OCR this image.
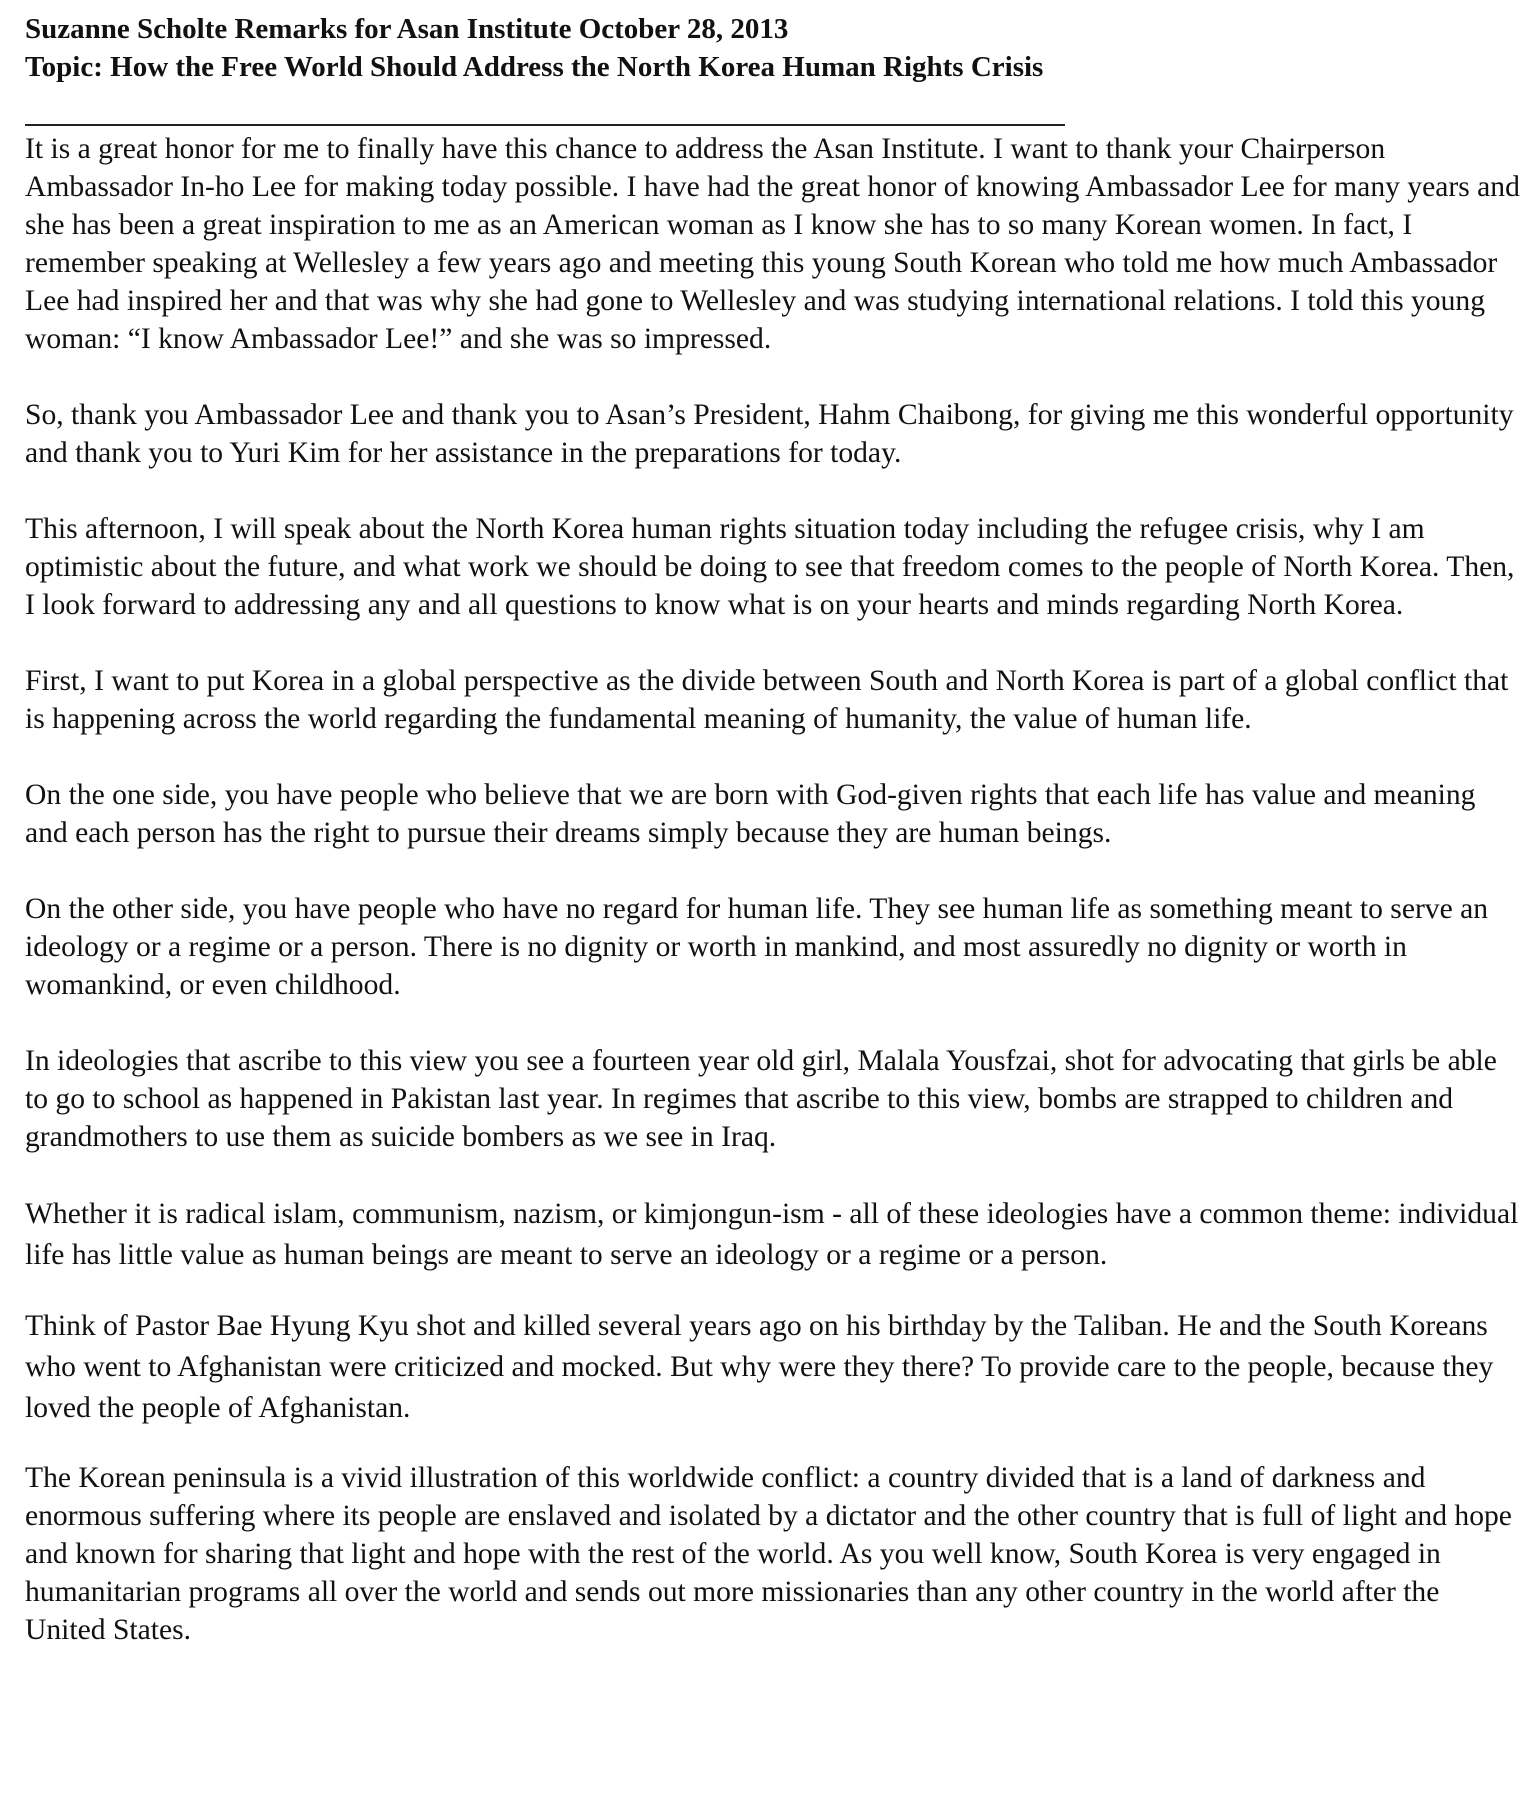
Suzanne Scholte Remarks for Asan Institute October 28, 2013
Topic: How the Free World Should Address the North Korea Human Rights Crisis

It is a great honor for me to finally have this chance to address the Asan Institute. I want to thank your Chairperson Ambassador In-ho Lee for making today possible. I have had the great honor of knowing Ambassador Lee for many years and she has been a great inspiration to me as an American woman as I know she has to so many Korean women. In fact, I remember speaking at Wellesley a few years ago and meeting this young South Korean who told me how much Ambassador Lee had inspired her and that was why she had gone to Wellesley and was studying international relations. I told this young woman: “I know Ambassador Lee!” and she was so impressed.

So, thank you Ambassador Lee and thank you to Asan’s President, Hahm Chaibong, for giving me this wonderful opportunity and thank you to Yuri Kim for her assistance in the preparations for today.

This afternoon, I will speak about the North Korea human rights situation today including the refugee crisis, why I am optimistic about the future, and what work we should be doing to see that freedom comes to the people of North Korea. Then, I look forward to addressing any and all questions to know what is on your hearts and minds regarding North Korea.

First, I want to put Korea in a global perspective as the divide between South and North Korea is part of a global conflict that is happening across the world regarding the fundamental meaning of humanity, the value of human life.

On the one side, you have people who believe that we are born with God-given rights that each life has value and meaning and each person has the right to pursue their dreams simply because they are human beings.

On the other side, you have people who have no regard for human life. They see human life as something meant to serve an ideology or a regime or a person. There is no dignity or worth in mankind, and most assuredly no dignity or worth in womankind, or even childhood.

In ideologies that ascribe to this view you see a fourteen year old girl, Malala Yousfzai, shot for advocating that girls be able to go to school as happened in Pakistan last year. In regimes that ascribe to this view, bombs are strapped to children and grandmothers to use them as suicide bombers as we see in Iraq.

Whether it is radical islam, communism, nazism, or kimjongun-ism - all of these ideologies have a common theme: individual life has little value as human beings are meant to serve an ideology or a regime or a person.

Think of Pastor Bae Hyung Kyu shot and killed several years ago on his birthday by the Taliban. He and the South Koreans who went to Afghanistan were criticized and mocked. But why were they there? To provide care to the people, because they loved the people of Afghanistan.

The Korean peninsula is a vivid illustration of this worldwide conflict: a country divided that is a land of darkness and enormous suffering where its people are enslaved and isolated by a dictator and the other country that is full of light and hope and known for sharing that light and hope with the rest of the world. As you well know, South Korea is very engaged in humanitarian programs all over the world and sends out more missionaries than any other country in the world after the United States.
